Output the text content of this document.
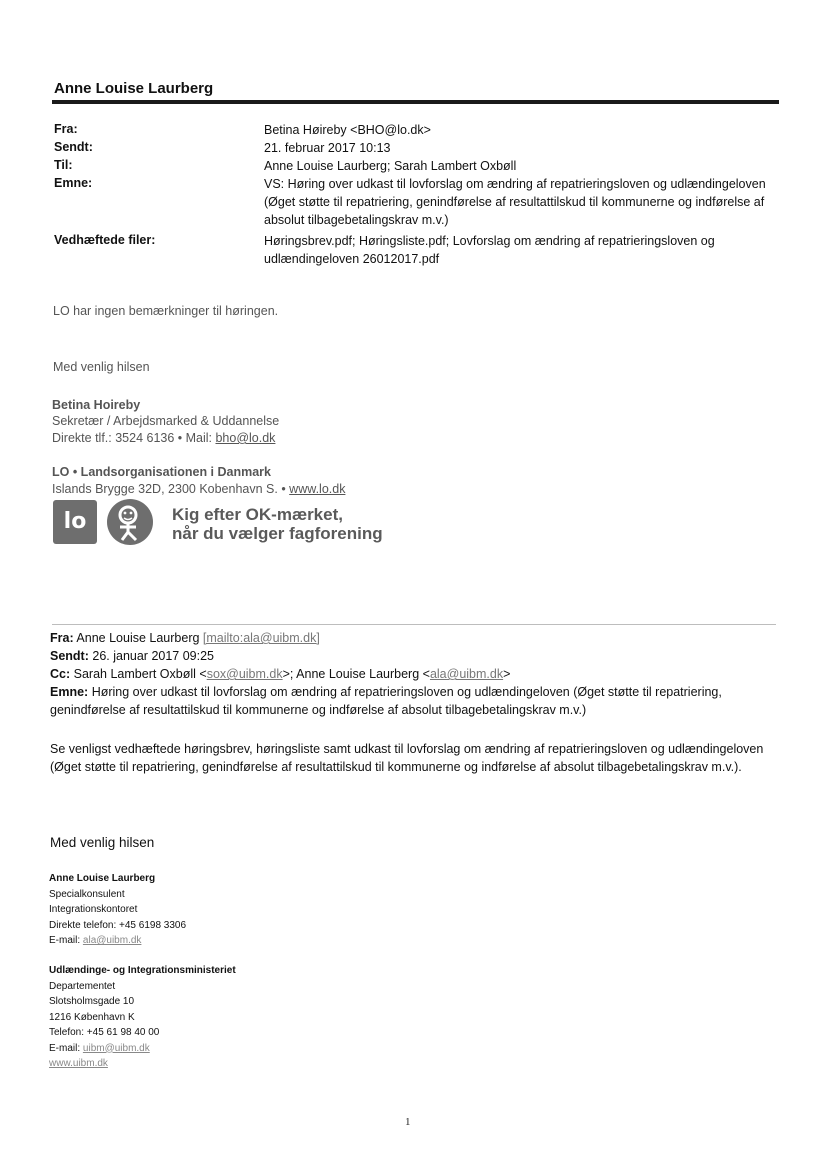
Anne Louise Laurberg
Fra:	Betina Høireby <BHO@lo.dk>
Sendt:	21. februar 2017 10:13
Til:	Anne Louise Laurberg; Sarah Lambert Oxbøll
Emne:	VS: Høring over udkast til lovforslag om ændring af repatrieringsloven og udlændingeloven (Øget støtte til repatriering, genindførelse af resultattilskud til kommunerne og indførelse af absolut tilbagebetalingskrav m.v.)
Vedhæftede filer:	Høringsbrev.pdf; Høringsliste.pdf; Lovforslag om ændring af repatrieringsloven og udlændingeloven 26012017.pdf
LO har ingen bemærkninger til høringen.
Med venlig hilsen
Betina Hoireby
Sekretær / Arbejdsmarked & Uddannelse
Direkte tlf.: 3524 6136 • Mail: bho@lo.dk
LO • Landsorganisationen i Danmark
Islands Brygge 32D, 2300 Kobenhavn S. • www.lo.dk
lo	Kig efter OK-mærket,
når du vælger fagforening
Fra: Anne Louise Laurberg [mailto:ala@uibm.dk]
Sendt: 26. januar 2017 09:25
Cc: Sarah Lambert Oxbøll <sox@uibm.dk>; Anne Louise Laurberg <ala@uibm.dk>
Emne: Høring over udkast til lovforslag om ændring af repatrieringsloven og udlændingeloven (Øget støtte til repatriering, genindførelse af resultattilskud til kommunerne og indførelse af absolut tilbagebetalingskrav m.v.)
Se venligst vedhæftede høringsbrev, høringsliste samt udkast til lovforslag om ændring af repatrieringsloven og udlændingeloven (Øget støtte til repatriering, genindførelse af resultattilskud til kommunerne og indførelse af absolut tilbagebetalingskrav m.v.).
Med venlig hilsen
Anne Louise Laurberg
Specialkonsulent
Integrationskontoret
Direkte telefon: +45 6198 3306
E-mail: ala@uibm.dk
Udlændinge- og Integrationsministeriet
Departementet
Slotsholmsgade 10
1216 København K
Telefon: +45 61 98 40 00
E-mail: uibm@uibm.dk
www.uibm.dk
1
